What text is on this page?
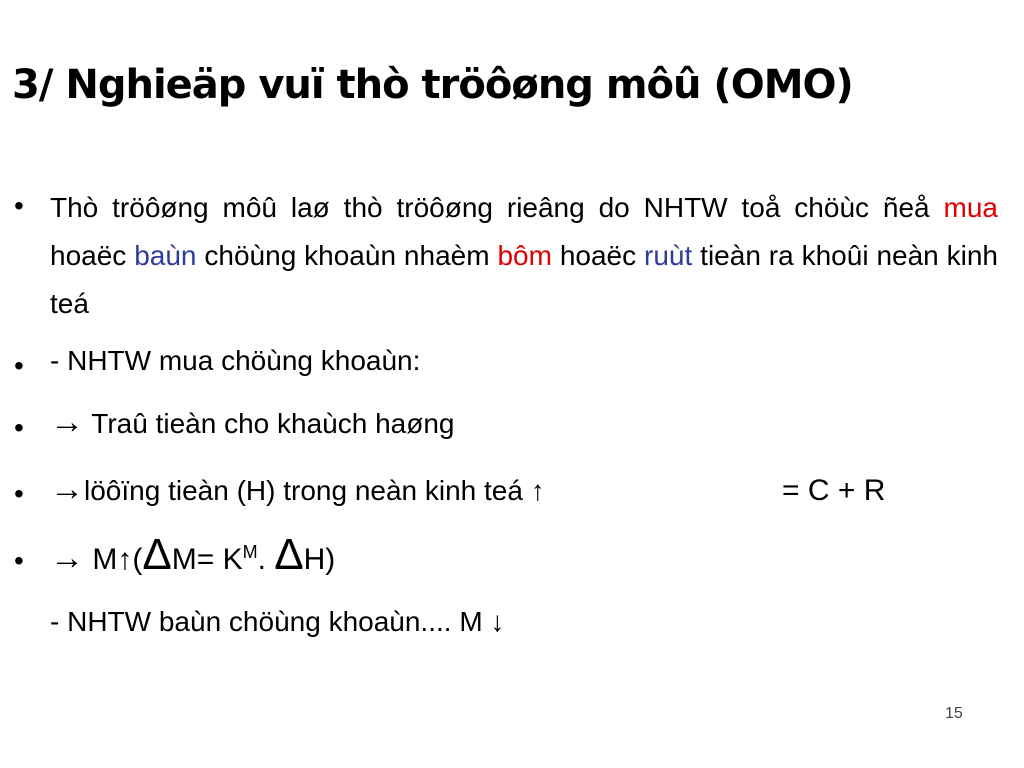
3/ Nghieäp vuï thò tröôøng môû (OMO)
• Thò tröôøng môû laø thò tröôøng rieâng do NHTW toå chöùc ñeå mua hoaëc baùn chöùng khoaùn nhaèm bôm hoaëc ruùt tieàn ra khoûi neàn kinh teá
• - NHTW mua chöùng khoaùn:
• → Traû tieàn cho khaùch haøng
• →löôïng tieàn (H) trong neàn kinh teá ↑	= C + R
• → M↑(ΔM= $K^M$. ΔH)
- NHTW baùn chöùng khoaùn.... M ↓
15
